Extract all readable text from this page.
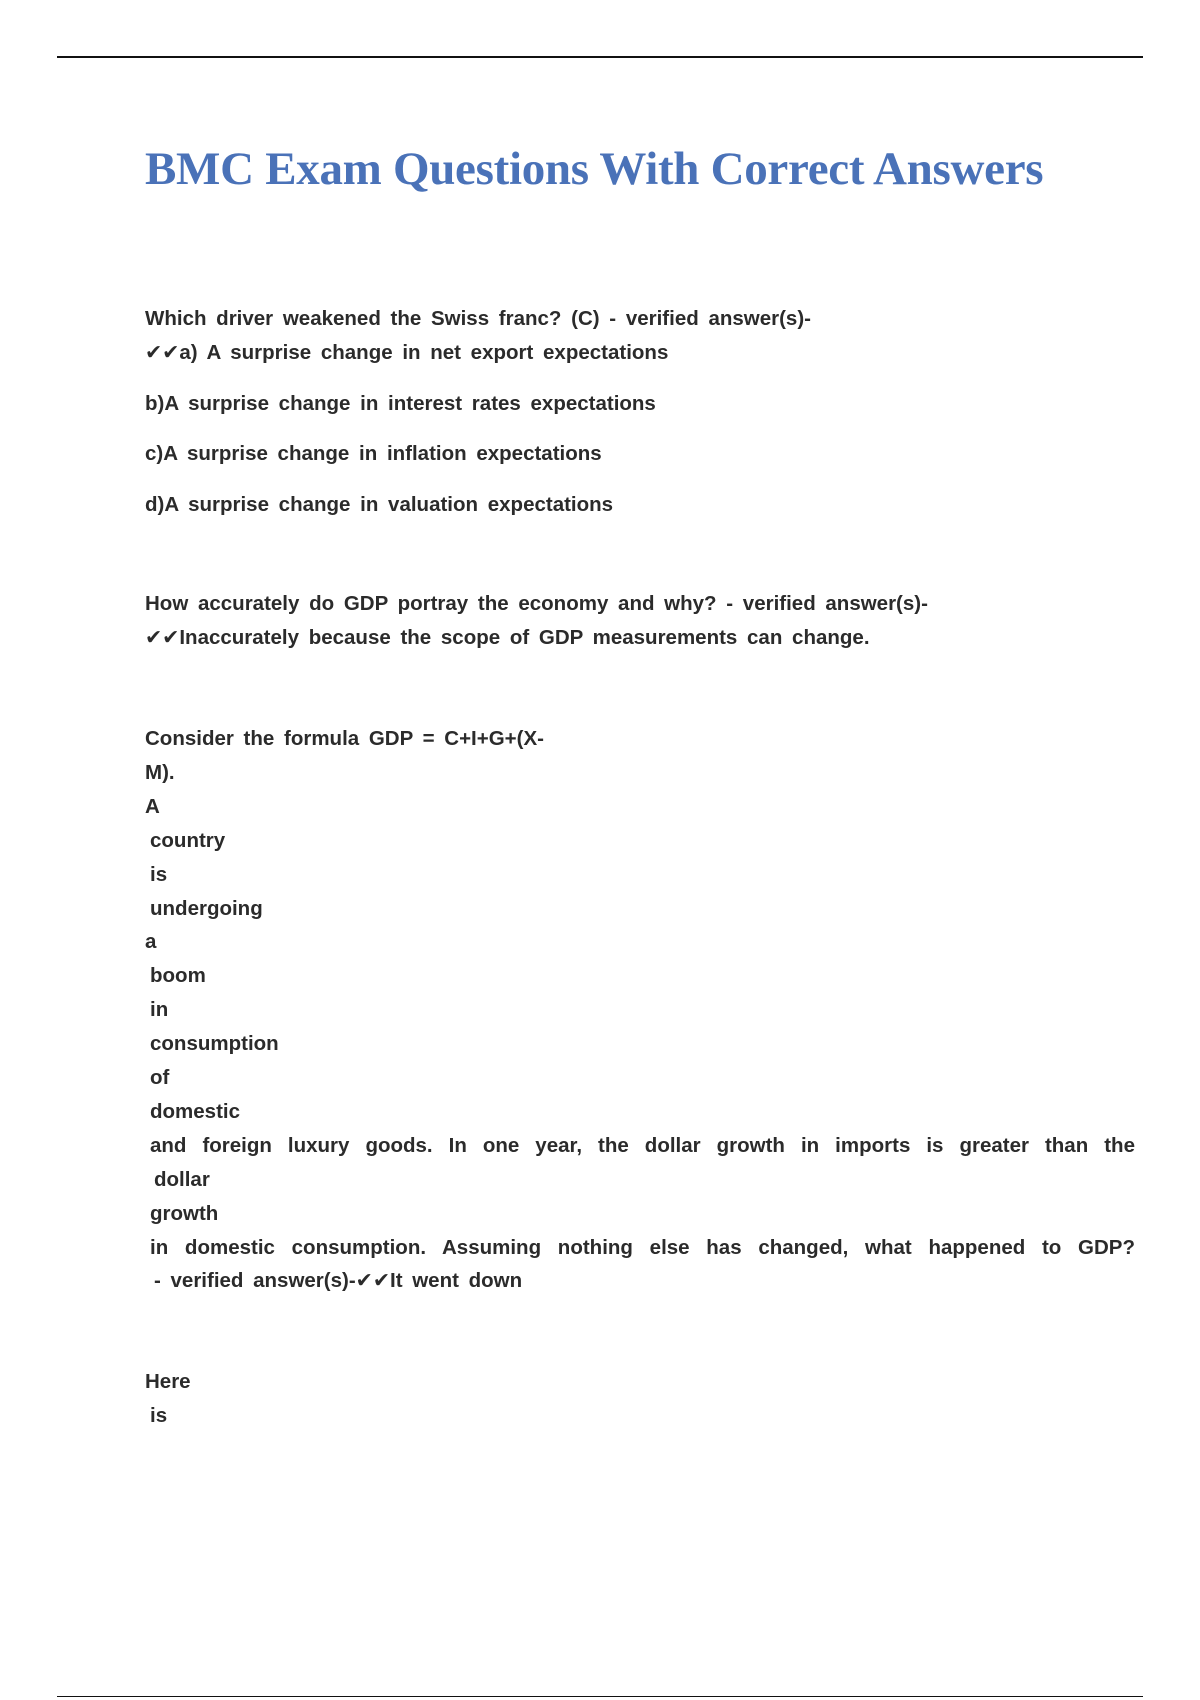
BMC Exam Questions With Correct Answers

Which driver weakened the Swiss franc? (C) - verified answer(s)-

✔✔a) A surprise change in net export expectations

b)A surprise change in interest rates expectations

c)A surprise change in inflation expectations

d)A surprise change in valuation expectations

How accurately do GDP portray the economy and why? - verified answer(s)-

✔✔Inaccurately because the scope of GDP measurements can change.

Consider the formula GDP = C+I+G+(X-

M).

A

country

is

undergoing

a

boom

in

consumption

of

domestic

and foreign luxury goods. In one year, the dollar growth in imports is greater than the

dollar

growth

in domestic consumption. Assuming nothing else has changed, what happened to GDP?

- verified answer(s)-✔✔It went down

Here

is
